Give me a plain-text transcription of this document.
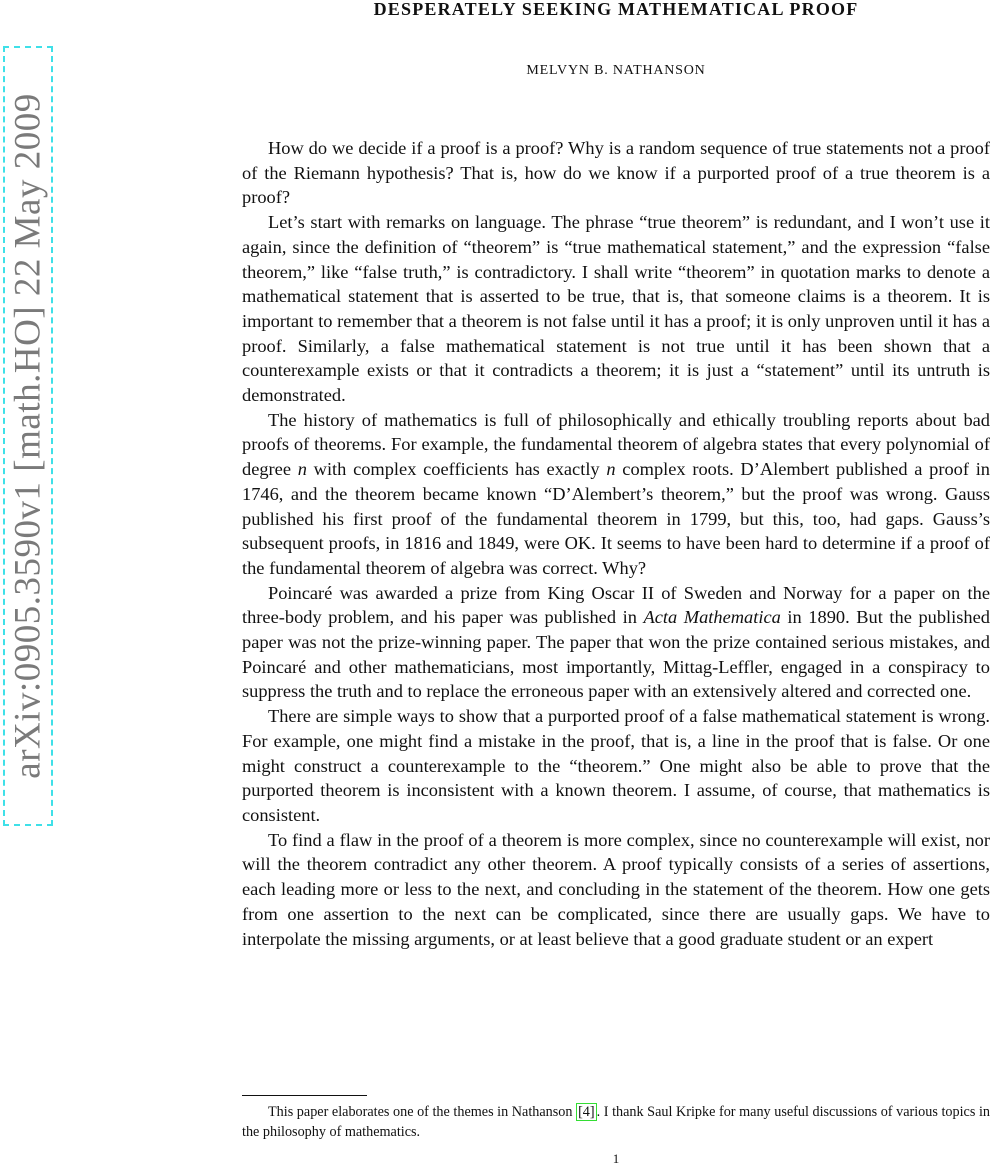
arXiv:0905.3590v1 [math.HO] 22 May 2009
DESPERATELY SEEKING MATHEMATICAL PROOF
MELVYN B. NATHANSON

How do we decide if a proof is a proof? Why is a random sequence of true statements not a proof of the Riemann hypothesis? That is, how do we know if a purported proof of a true theorem is a proof?

Let’s start with remarks on language. The phrase “true theorem” is redundant, and I won’t use it again, since the definition of “theorem” is “true mathematical statement,” and the expression “false theorem,” like “false truth,” is contradictory. I shall write “theorem” in quotation marks to denote a mathematical statement that is asserted to be true, that is, that someone claims is a theorem. It is important to remember that a theorem is not false until it has a proof; it is only unproven until it has a proof. Similarly, a false mathematical statement is not true until it has been shown that a counterexample exists or that it contradicts a theorem; it is just a “statement” until its untruth is demonstrated.

The history of mathematics is full of philosophically and ethically troubling reports about bad proofs of theorems. For example, the fundamental theorem of algebra states that every polynomial of degree n with complex coefficients has exactly n complex roots. D’Alembert published a proof in 1746, and the theorem became known “D’Alembert’s theorem,” but the proof was wrong. Gauss published his first proof of the fundamental theorem in 1799, but this, too, had gaps. Gauss’s subsequent proofs, in 1816 and 1849, were OK. It seems to have been hard to determine if a proof of the fundamental theorem of algebra was correct. Why?

Poincaré was awarded a prize from King Oscar II of Sweden and Norway for a paper on the three-body problem, and his paper was published in Acta Mathematica in 1890. But the published paper was not the prize-winning paper. The paper that won the prize contained serious mistakes, and Poincaré and other mathematicians, most importantly, Mittag-Leffler, engaged in a conspiracy to suppress the truth and to replace the erroneous paper with an extensively altered and corrected one.

There are simple ways to show that a purported proof of a false mathematical statement is wrong. For example, one might find a mistake in the proof, that is, a line in the proof that is false. Or one might construct a counterexample to the “theorem.” One might also be able to prove that the purported theorem is inconsistent with a known theorem. I assume, of course, that mathematics is consistent.

To find a flaw in the proof of a theorem is more complex, since no counterexample will exist, nor will the theorem contradict any other theorem. A proof typically consists of a series of assertions, each leading more or less to the next, and concluding in the statement of the theorem. How one gets from one assertion to the next can be complicated, since there are usually gaps. We have to interpolate the missing arguments, or at least believe that a good graduate student or an expert

This paper elaborates one of the themes in Nathanson [4] . I thank Saul Kripke for many useful discussions of various topics in the philosophy of mathematics.
1
